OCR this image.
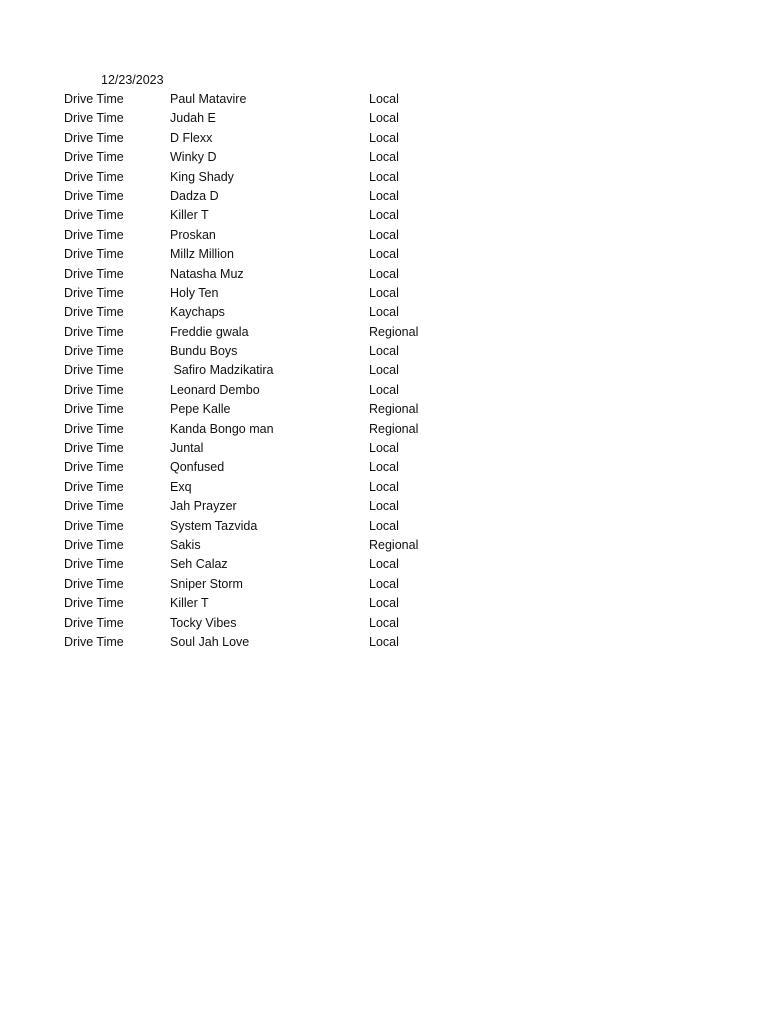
12/23/2023
Drive Time	Paul Matavire	Local
Drive Time	Judah E	Local
Drive Time	D Flexx	Local
Drive Time	Winky D	Local
Drive Time	King Shady	Local
Drive Time	Dadza D	Local
Drive Time	Killer T	Local
Drive Time	Proskan	Local
Drive Time	Millz Million	Local
Drive Time	Natasha Muz	Local
Drive Time	Holy Ten	Local
Drive Time	Kaychaps	Local
Drive Time	Freddie gwala	Regional
Drive Time	Bundu Boys	Local
Drive Time	Safiro Madzikatira	Local
Drive Time	Leonard Dembo	Local
Drive Time	Pepe Kalle	Regional
Drive Time	Kanda Bongo man	Regional
Drive Time	Juntal	Local
Drive Time	Qonfused	Local
Drive Time	Exq	Local
Drive Time	Jah Prayzer	Local
Drive Time	System Tazvida	Local
Drive Time	Sakis	Regional
Drive Time	Seh Calaz	Local
Drive Time	Sniper Storm	Local
Drive Time	Killer T	Local
Drive Time	Tocky Vibes	Local
Drive Time	Soul Jah Love	Local
